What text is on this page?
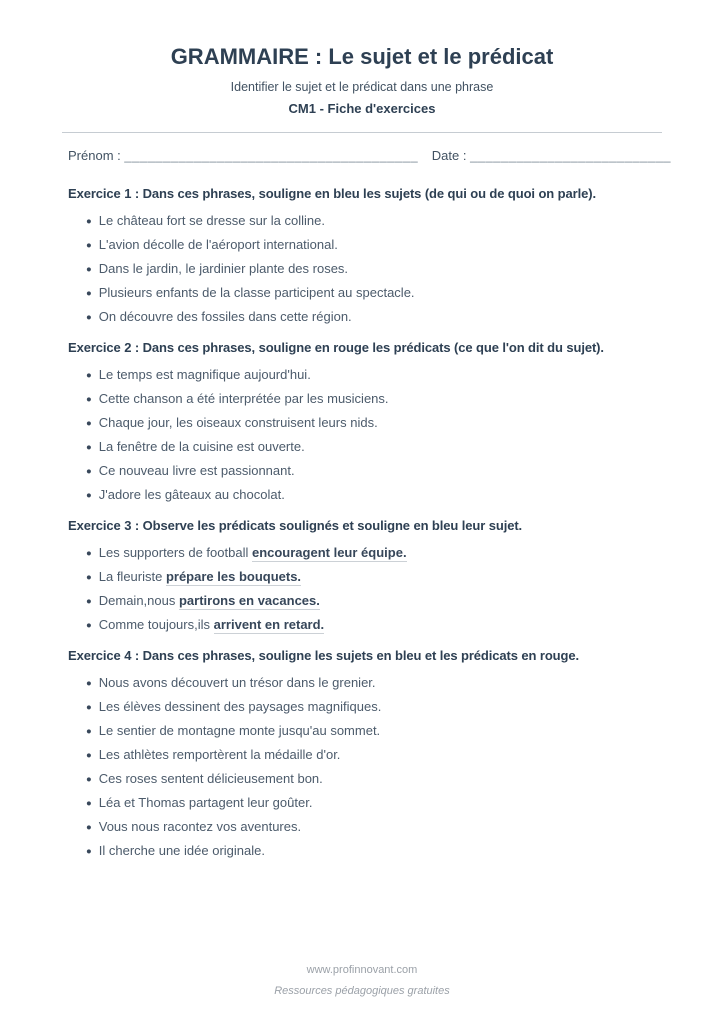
GRAMMAIRE : Le sujet et le prédicat

Identifier le sujet et le prédicat dans une phrase

CM1 - Fiche d'exercices

Prénom : ______________________________________ Date : __________________________
Exercice 1 : Dans ces phrases, souligne en bleu les sujets (de qui ou de quoi on parle).
● Le château fort se dresse sur la colline.
● L'avion décolle de l'aéroport international.
● Dans le jardin, le jardinier plante des roses.
● Plusieurs enfants de la classe participent au spectacle.
● On découvre des fossiles dans cette région.
Exercice 2 : Dans ces phrases, souligne en rouge les prédicats (ce que l'on dit du sujet).
● Le temps est magnifique aujourd'hui.
● Cette chanson a été interprétée par les musiciens.
● Chaque jour, les oiseaux construisent leurs nids.
● La fenêtre de la cuisine est ouverte.
● Ce nouveau livre est passionnant.
● J'adore les gâteaux au chocolat.
Exercice 3 : Observe les prédicats soulignés et souligne en bleu leur sujet.
● Les supporters de football encouragent leur équipe.
● La fleuriste prépare les bouquets.
● Demain,nous partirons en vacances.
● Comme toujours,ils arrivent en retard.
Exercice 4 : Dans ces phrases, souligne les sujets en bleu et les prédicats en rouge.
● Nous avons découvert un trésor dans le grenier.
● Les élèves dessinent des paysages magnifiques.
● Le sentier de montagne monte jusqu'au sommet.
● Les athlètes remportèrent la médaille d'or.
● Ces roses sentent délicieusement bon.
● Léa et Thomas partagent leur goûter.
● Vous nous racontez vos aventures.
● Il cherche une idée originale.
www.profinnovant.com
Ressources pédagogiques gratuites
